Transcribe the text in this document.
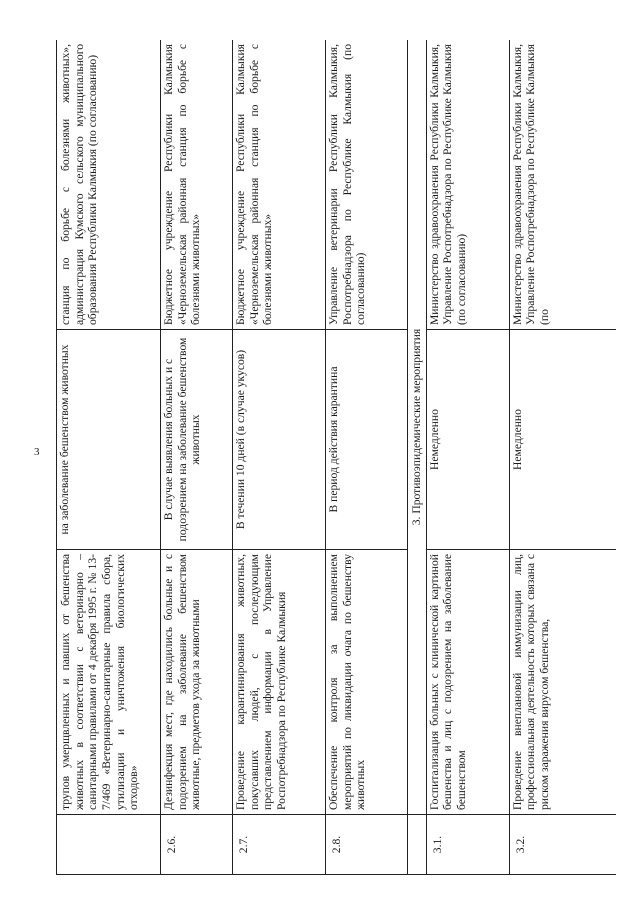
3
	трупов умерщвленных и павших от бешенства животных в соответствии с ветеринарно – санитарными правилами от 4 декабря 1995 г. № 13-7/469 «Ветеринарно-санитарные правила сбора, утилизации и уничтожения биологических отходов»	на заболевание бешенством животных	станция по борьбе с болезнями животных», администрация Кумского сельского муниципального образования Республики Калмыкия (по согласованию)
2.6.	Дезинфекция мест, где находились больные и с подозрением на заболевание бешенством животные, предметов ухода за животными	В случае выявления больных и с подозрением на заболевание бешенством животных	Бюджетное учреждение Республики Калмыкия «Черноземельская районная станция по борьбе с болезнями животных»
2.7.	Проведение карантинирования животных, покусавших людей, с последующим представлением информации в Управление Роспотребнадзора по Республике Калмыкия	В течении 10 дней (в случае укусов)	Бюджетное учреждение Республики Калмыкия «Черноземельская районная станция по борьбе с болезнями животных»
2.8.	Обеспечение контроля за выполнением мероприятий по ликвидации очага по бешенству животных	В период действия карантина	Управление ветеринарии Республики Калмыкия, Роспотребнадзора по Республике Калмыкия (по согласованию)
	3. Противоэпидемические мероприятия		
3.1.	Госпитализация больных с клинической картиной бешенства и лиц с подозрением на заболевание бешенством	Немедленно	Министерство здравоохранения Республики Калмыкия, Управление Роспотребнадзора по Республике Калмыкия (по согласованию)
3.2.	Проведение внеплановой иммунизации лиц, профессиональная деятельность которых связана с риском заражения вирусом бешенства,	Немедленно	Министерство здравоохранения Республики Калмыкия, Управление Роспотребнадзора по Республике Калмыкия (по
